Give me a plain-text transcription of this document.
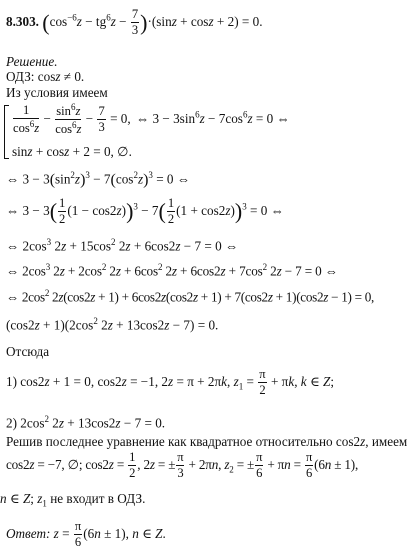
8.303. $(\cos^{-6}z - tg^6z - \frac{7}{3} )\cdot(\sin z + \cos z + 2) = 0$.
Решение.
ОДЗ: cosz ≠ 0.
Из условия имеем
$\frac{1}{\cos^6z} - \frac{\sin^6z}{\cos^6z} - \frac{7}{3} = 0$, ⇔ $3 - 3\sin^6z - 7\cos^6z = 0$ ⇔
sinz + cosz + 2 = 0, ∅.
⇔ $3 - 3(\sin^2z)^3 - 7(\cos^2z)^3 = 0$ ⇔
⇔ $3 - 3( \frac{1}{2} (1 - \cos 2z))^3 - 7( \frac{1}{2} (1 + \cos 2z))^3 = 0$ ⇔
⇔ $2\cos^3$ $2z + 15\cos^2$ 2z + 6cos2z − 7 = 0 ⇔
⇔ $2\cos^3$ $2z + 2\cos^2$ $2z + 6\cos^2$ $2z + 6\cos 2z + 7\cos^2$ 2z − 7 = 0 ⇔
⇔ $2\cos^2$ 2z(cos2z + 1) + 6cos2z(cos2z + 1) + 7(cos2z + 1)(cos2z − 1) = 0,
$(\cos 2z + 1)(2\cos^2$ 2z + 13cos2z − 7) = 0.
Отсюда
1) cos2z + 1 = 0, cos2z = −1, 2z = π + 2πk, $z_1 = \frac{\pi}{2} + \pi k$, k ∈ Z;
2) $2\cos^2$ 2z + 13cos2z − 7 = 0.
Решив последнее уравнение как квадратное относительно cos2z, имеем
cos2z = −7, ∅; $\cos 2z = \frac{1}{2}$ , 2z = ± $\frac{\pi}{3} + 2\pi n$, $z_2$ = ± $\frac{\pi}{6} + \pi n = \frac{\pi}{6} (6n \pm 1)$,
n ∈ Z; $z_1$ не входит в ОДЗ.
Ответ: $z = \frac{\pi}{6} (6n \pm 1)$, n ∈ Z.
